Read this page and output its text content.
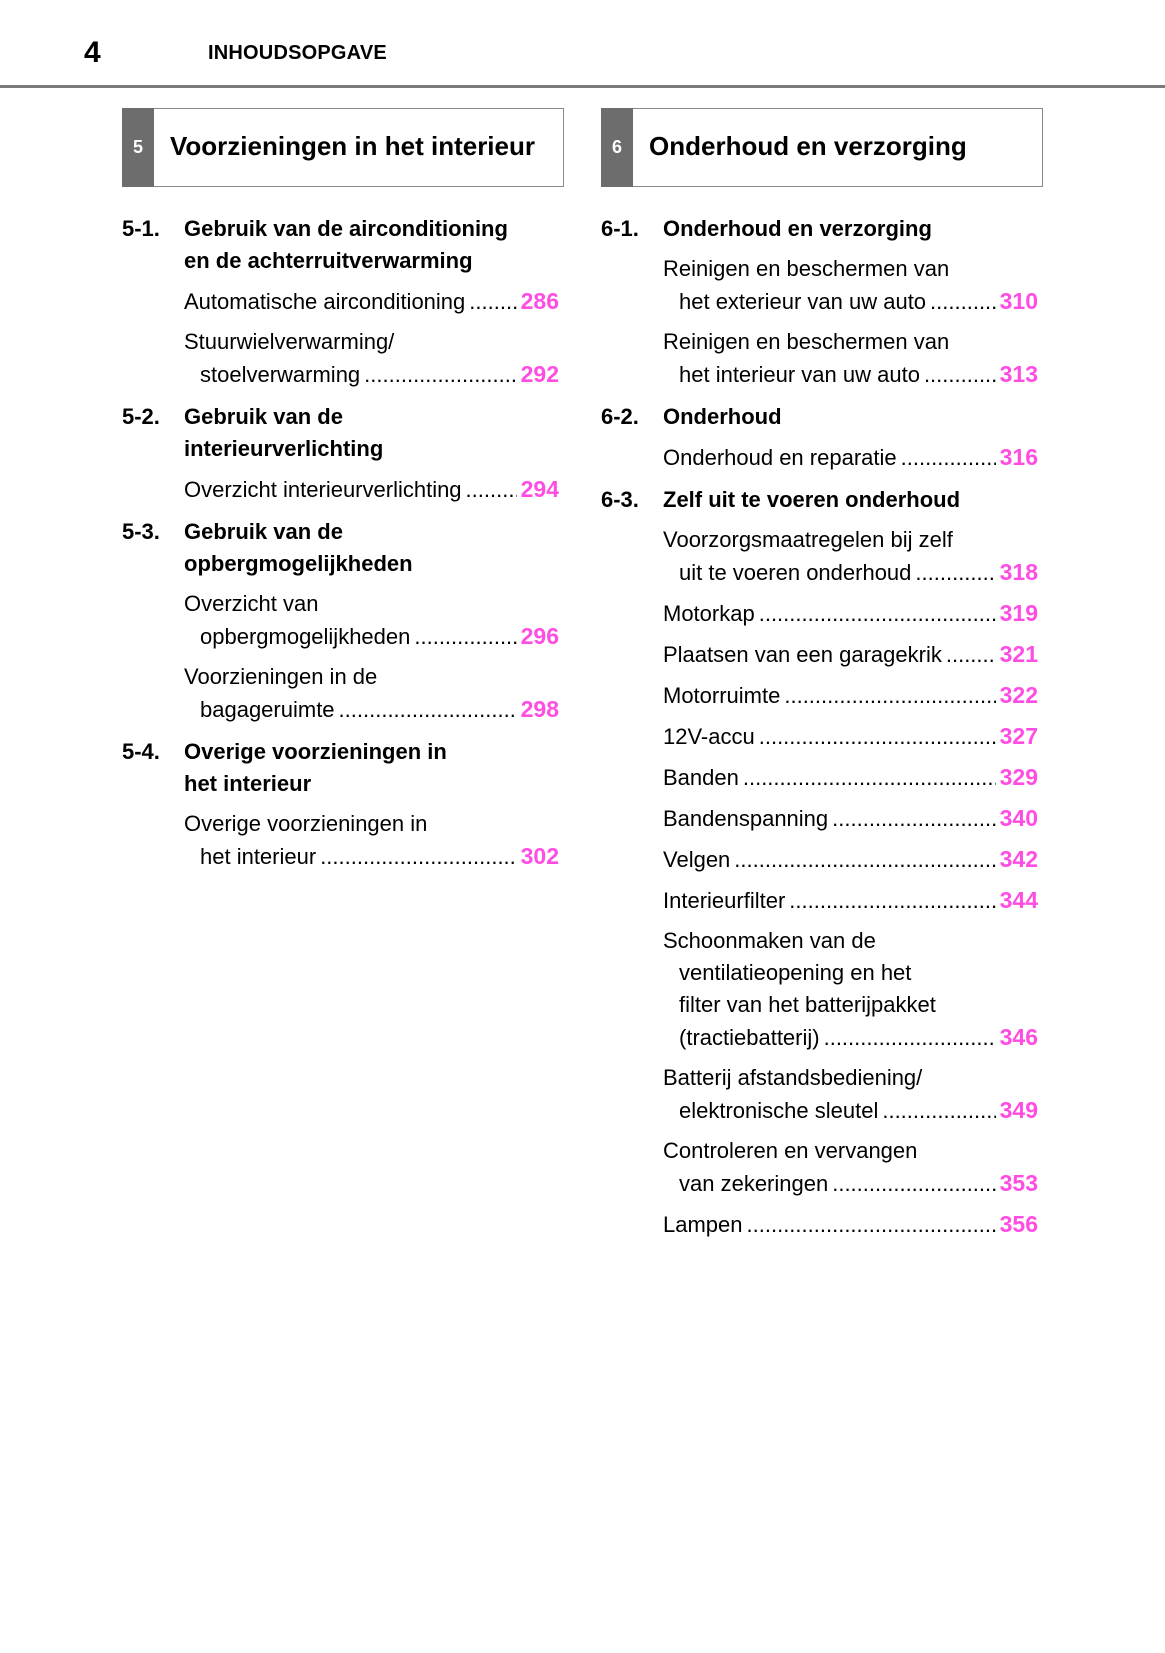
4	INHOUDSOPGAVE
5	Voorzieningen in het interieur	6	Onderhoud en verzorging
5-1.	Gebruik van de airconditioning
en de achterruitverwarming
Automatische airconditioning ..... 286
Stuurwielverwarming/
stoelverwarming .....	292
5-2.	Gebruik van de
interieurverlichting
Overzicht interieurverlichting .....	294
5-3.	Gebruik van de
opbergmogelijkheden
Overzicht van
opbergmogelijkheden .....	296
Voorzieningen in de
bagageruimte .....	298
5-4.	Overige voorzieningen in
het interieur
Overige voorzieningen in
het interieur .....	302
6-1.	Onderhoud en verzorging
Reinigen en beschermen van
het exterieur van uw auto .....	310
Reinigen en beschermen van
het interieur van uw auto .....	313
6-2.	Onderhoud
Onderhoud en reparatie .....	316
6-3.	Zelf uit te voeren onderhoud
Voorzorgsmaatregelen bij zelf
uit te voeren onderhoud .....	318
Motorkap .....	319
Plaatsen van een garagekrik .....	321
Motorruimte .....	322
12V-accu .....	327
Banden .....	329
Bandenspanning .....	340
Velgen .....	342
Interieurfilter .....	344
Schoonmaken van de
ventilatieopening en het
filter van het batterijpakket
(tractiebatterij) .....	346
Batterij afstandsbediening/
elektronische sleutel .....	349
Controleren en vervangen
van zekeringen .....	353
Lampen .....	356
